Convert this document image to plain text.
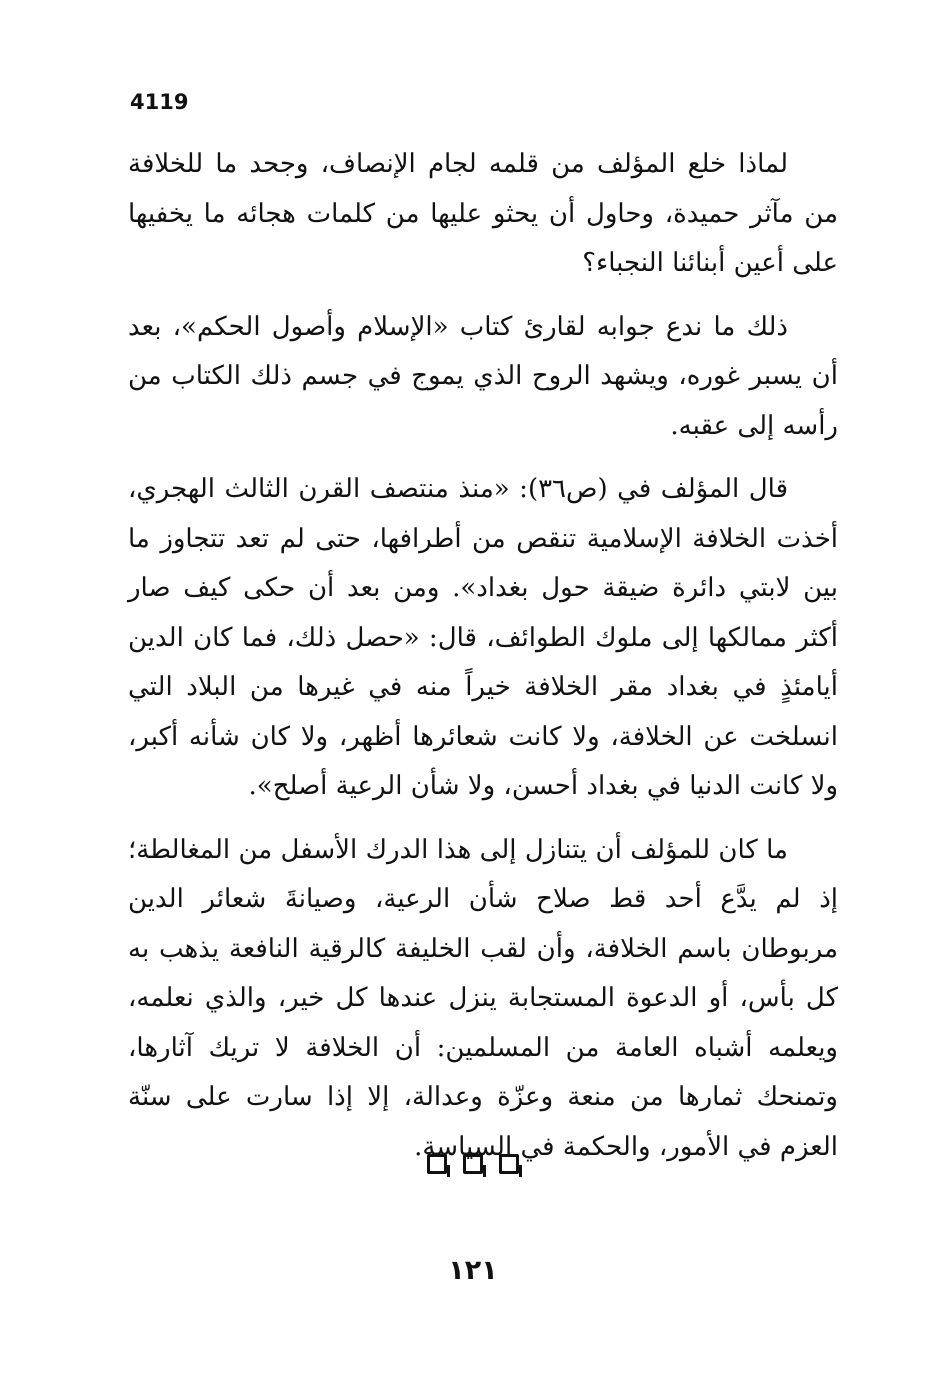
4119

لماذا خلع المؤلف من قلمه لجام الإنصاف، وجحد ما للخلافة من مآثر حميدة، وحاول أن يحثو عليها من كلمات هجائه ما يخفيها على أعين أبنائنا النجباء؟

ذلك ما ندع جوابه لقارئ كتاب «الإسلام وأصول الحكم»، بعد أن يسبر غوره، ويشهد الروح الذي يموج في جسم ذلك الكتاب من رأسه إلى عقبه.

قال المؤلف في (ص٣٦): «منذ منتصف القرن الثالث الهجري، أخذت الخلافة الإسلامية تنقص من أطرافها، حتى لم تعد تتجاوز ما بين لابتي دائرة ضيقة حول بغداد». ومن بعد أن حكى كيف صار أكثر ممالكها إلى ملوك الطوائف، قال: «حصل ذلك، فما كان الدين أيامئذٍ في بغداد مقر الخلافة خيراً منه في غيرها من البلاد التي انسلخت عن الخلافة، ولا كانت شعائرها أظهر، ولا كان شأنه أكبر، ولا كانت الدنيا في بغداد أحسن، ولا شأن الرعية أصلح».

ما كان للمؤلف أن يتنازل إلى هذا الدرك الأسفل من المغالطة؛ إذ لم يدَّع أحد قط صلاح شأن الرعية، وصيانةَ شعائر الدين مربوطان باسم الخلافة، وأن لقب الخليفة كالرقية النافعة يذهب به كل بأس، أو الدعوة المستجابة ينزل عندها كل خير، والذي نعلمه، ويعلمه أشباه العامة من المسلمين: أن الخلافة لا تريك آثارها، وتمنحك ثمارها من منعة وعزّة وعدالة، إلا إذا سارت على سنّة العزم في الأمور، والحكمة في السياسة.

١٢١
